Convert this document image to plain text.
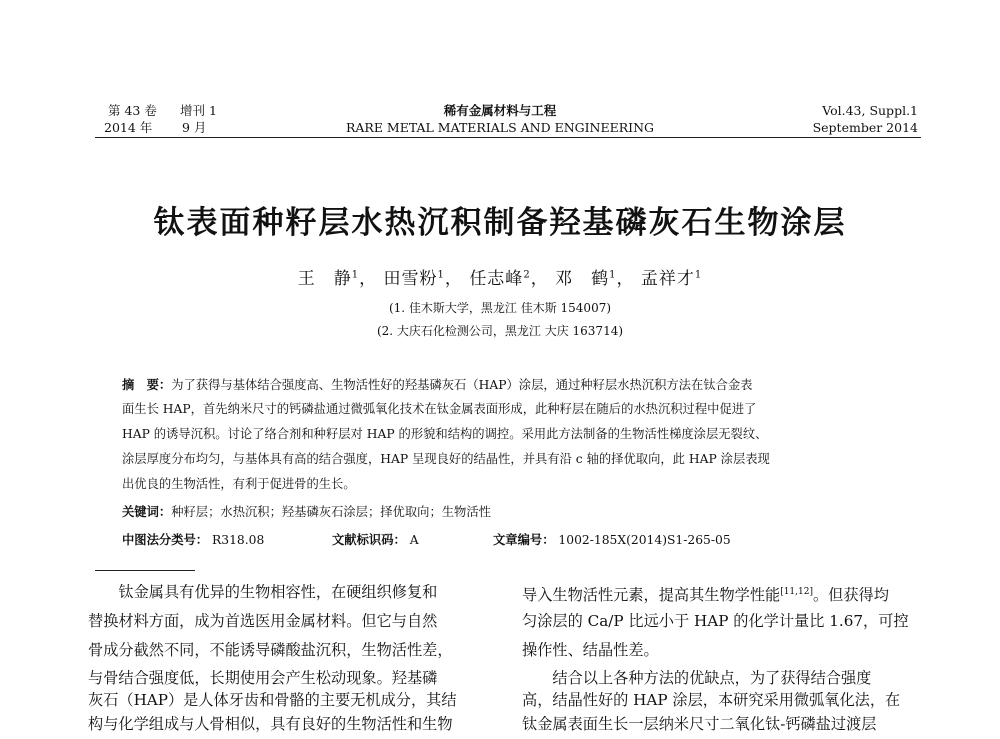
第 43 卷 增刊 1
2014 年 9 月
稀有金属材料与工程
RARE METAL MATERIALS AND ENGINEERING
Vol.43, Suppl.1
September 2014
钛表面种籽层水热沉积制备羟基磷灰石生物涂层
王　静$^1$， 田雪粉$^1$， 任志峰$^2$， 邓　鹤$^1$， 孟祥才$^1$
(1. 佳木斯大学，黑龙江 佳木斯 154007)
(2. 大庆石化检测公司，黑龙江 大庆 163714)
摘　要：为了获得与基体结合强度高、生物活性好的羟基磷灰石（HAP）涂层，通过种籽层水热沉积方法在钛合金表
面生长 HAP，首先纳米尺寸的钙磷盐通过微弧氧化技术在钛金属表面形成，此种籽层在随后的水热沉积过程中促进了
HAP 的诱导沉积。讨论了络合剂和种籽层对 HAP 的形貌和结构的调控。采用此方法制备的生物活性梯度涂层无裂纹、
涂层厚度分布均匀，与基体具有高的结合强度，HAP 呈现良好的结晶性，并具有沿 c 轴的择优取向，此 HAP 涂层表现
出优良的生物活性，有利于促进骨的生长。
关键词：种籽层；水热沉积；羟基磷灰石涂层；择优取向；生物活性
中图法分类号： R318.08	文献标识码： A	文章编号： 1002-185X(2014)S1-265-05
　　钛金属具有优异的生物相容性，在硬组织修复和
替换材料方面，成为首选医用金属材料。但它与自然
骨成分截然不同，不能诱导磷酸盐沉积，生物活性差，
与骨结合强度低，长期使用会产生松动现象。羟基磷
灰石（HAP）是人体牙齿和骨骼的主要无机成分，其结
构与化学组成与人骨相似，具有良好的生物活性和生物
导入生物活性元素，提高其生物学性能[11,12]。但获得均
匀涂层的 Ca/P 比远小于 HAP 的化学计量比 1.67，可控
操作性、结晶性差。
　　结合以上各种方法的优缺点，为了获得结合强度
高，结晶性好的 HAP 涂层，本研究采用微弧氧化法，在
钛金属表面生长一层纳米尺寸二氧化钛-钙磷盐过渡层
